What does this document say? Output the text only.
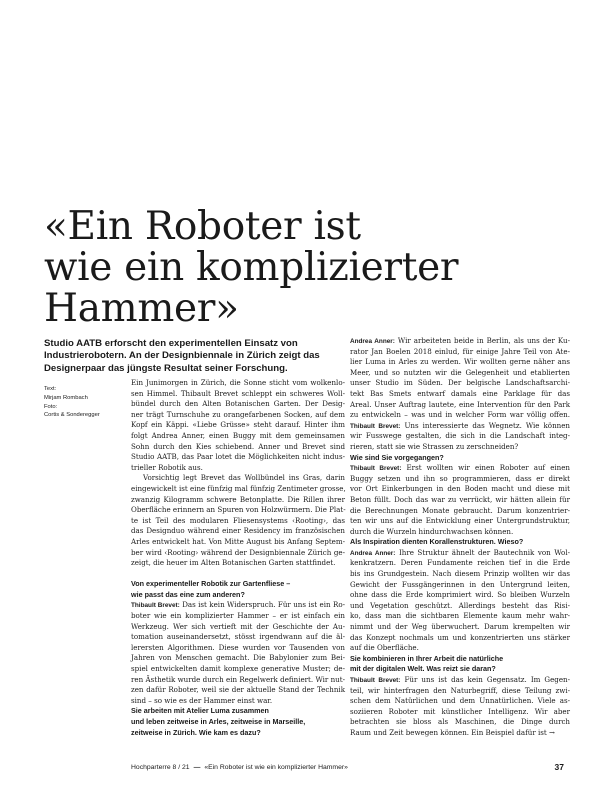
«Ein Roboter ist
wie ein komplizierter
Hammer»

Studio AATB erforscht den experimentellen Einsatz von
Industrierobotern. An der Designbiennale in Zürich zeigt das
Designerpaar das jüngste Resultat seiner Forschung.

Text:
Mirjam Rombach
Foto:
Cortis & Sonderegger
Ein Junimorgen in Zürich, die Sonne sticht vom wolkenlo-
sen Himmel. Thibault Brevet schleppt ein schweres Woll-
bündel durch den Alten Botanischen Garten. Der Desig-
ner trägt Turnschuhe zu orangefarbenen Socken, auf dem
Kopf ein Käppi. «Liebe Grüsse» steht darauf. Hinter ihm
folgt Andrea Anner, einen Buggy mit dem gemeinsamen
Sohn durch den Kies schiebend. Anner und Brevet sind
Studio AATB, das Paar lotet die Möglichkeiten nicht indus-
trieller Robotik aus.
Vorsichtig legt Brevet das Wollbündel ins Gras, darin
eingewickelt ist eine fünfzig mal fünfzig Zentimeter grosse,
zwanzig Kilogramm schwere Betonplatte. Die Rillen ihrer
Oberfläche erinnern an Spuren von Holzwürmern. Die Plat-
te ist Teil des modularen Fliesensystems ‹Rooting›, das
das Designduo während einer Residency im französischen
Arles entwickelt hat. Von Mitte August bis Anfang Septem-
ber wird ‹Rooting› während der Designbiennale Zürich ge-
zeigt, die heuer im Alten Botanischen Garten stattfindet.
Von experimenteller Robotik zur Gartenfliese –
wie passt das eine zum anderen?
Thibault Brevet: Das ist kein Widerspruch. Für uns ist ein Ro-
boter wie ein komplizierter Hammer – er ist einfach ein
Werkzeug. Wer sich vertieft mit der Geschichte der Au-
tomation auseinandersetzt, stösst irgendwann auf die äl-
lerersten Algorithmen. Diese wurden vor Tausenden von
Jahren von Menschen gemacht. Die Babylonier zum Bei-
spiel entwickelten damit komplexe generative Muster; de-
ren Ästhetik wurde durch ein Regelwerk definiert. Wir nut-
zen dafür Roboter, weil sie der aktuelle Stand der Technik
sind – so wie es der Hammer einst war.
Sie arbeiten mit Atelier Luma zusammen
und leben zeitweise in Arles, zeitweise in Marseille,
zeitweise in Zürich. Wie kam es dazu?
Andrea Anner: Wir arbeiteten beide in Berlin, als uns der Ku-
rator Jan Boelen 2018 einlud, für einige Jahre Teil von Ate-
lier Luma in Arles zu werden. Wir wollten gerne näher ans
Meer, und so nutzten wir die Gelegenheit und etablierten
unser Studio im Süden. Der belgische Landschaftsarchi-
tekt Bas Smets entwarf damals eine Parklage für das
Areal. Unser Auftrag lautete, eine Intervention für den Park
zu entwickeln – was und in welcher Form war völlig offen.
Thibault Brevet: Uns interessierte das Wegnetz. Wie können
wir Fusswege gestalten, die sich in die Landschaft integ-
rieren, statt sie wie Strassen zu zerschneiden?
Wie sind Sie vorgegangen?
Thibault Brevet: Erst wollten wir einen Roboter auf einen
Buggy setzen und ihn so programmieren, dass er direkt
vor Ort Einkerbungen in den Boden macht und diese mit
Beton füllt. Doch das war zu verrückt, wir hätten allein für
die Berechnungen Monate gebraucht. Darum konzentrier-
ten wir uns auf die Entwicklung einer Untergrundstruktur,
durch die Wurzeln hindurchwachsen können.
Als Inspiration dienten Korallenstrukturen. Wieso?
Andrea Anner: Ihre Struktur ähnelt der Bautechnik von Wol-
kenkratzern. Deren Fundamente reichen tief in die Erde
bis ins Grundgestein. Nach diesem Prinzip wollten wir das
Gewicht der Fussgängerinnen in den Untergrund leiten,
ohne dass die Erde komprimiert wird. So bleiben Wurzeln
und Vegetation geschützt. Allerdings besteht das Risi-
ko, dass man die sichtbaren Elemente kaum mehr wahr-
nimmt und der Weg überwuchert. Darum krempelten wir
das Konzept nochmals um und konzentrierten uns stärker
auf die Oberfläche.
Sie kombinieren in Ihrer Arbeit die natürliche
mit der digitalen Welt. Was reizt sie daran?
Thibault Brevet: Für uns ist das kein Gegensatz. Im Gegen-
teil, wir hinterfragen den Naturbegriff, diese Teilung zwi-
schen dem Natürlichen und dem Unnatürlichen. Viele as-
soziieren Roboter mit künstlicher Intelligenz. Wir aber
betrachten sie bloss als Maschinen, die Dinge durch
Raum und Zeit bewegen können. Ein Beispiel dafür ist →
Hochparterre 8 / 21 — «Ein Roboter ist wie ein komplizierter Hammer»	37
